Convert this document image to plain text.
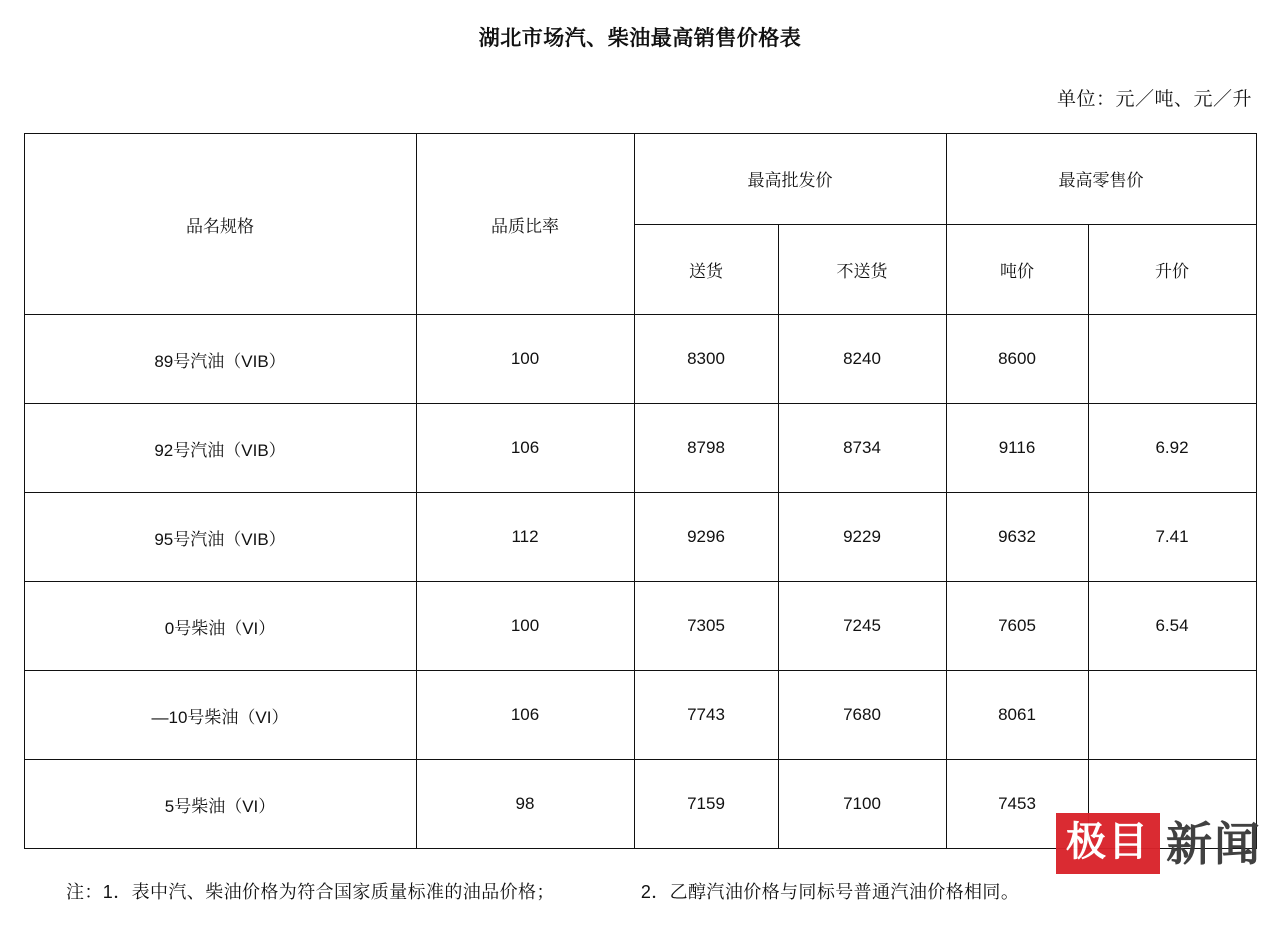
湖北市场汽、柴油最高销售价格表
单位：元／吨、元／升
品名规格	品质比率	最高批发价		最高零售价	
		送货	不送货	吨价	升价
89号汽油（VIB）	100	8300	8240	8600	
92号汽油（VIB）	106	8798	8734	9116	6.92
95号汽油（VIB）	112	9296	9229	9632	7.41
0号柴油（VI）	100	7305	7245	7605	6.54
—10号柴油（VI）	106	7743	7680	8061	
5号柴油（VI）	98	7159	7100	7453	
极目 新闻
注：1．表中汽、柴油价格为符合国家质量标准的油品价格；	2．乙醇汽油价格与同标号普通汽油价格相同。
